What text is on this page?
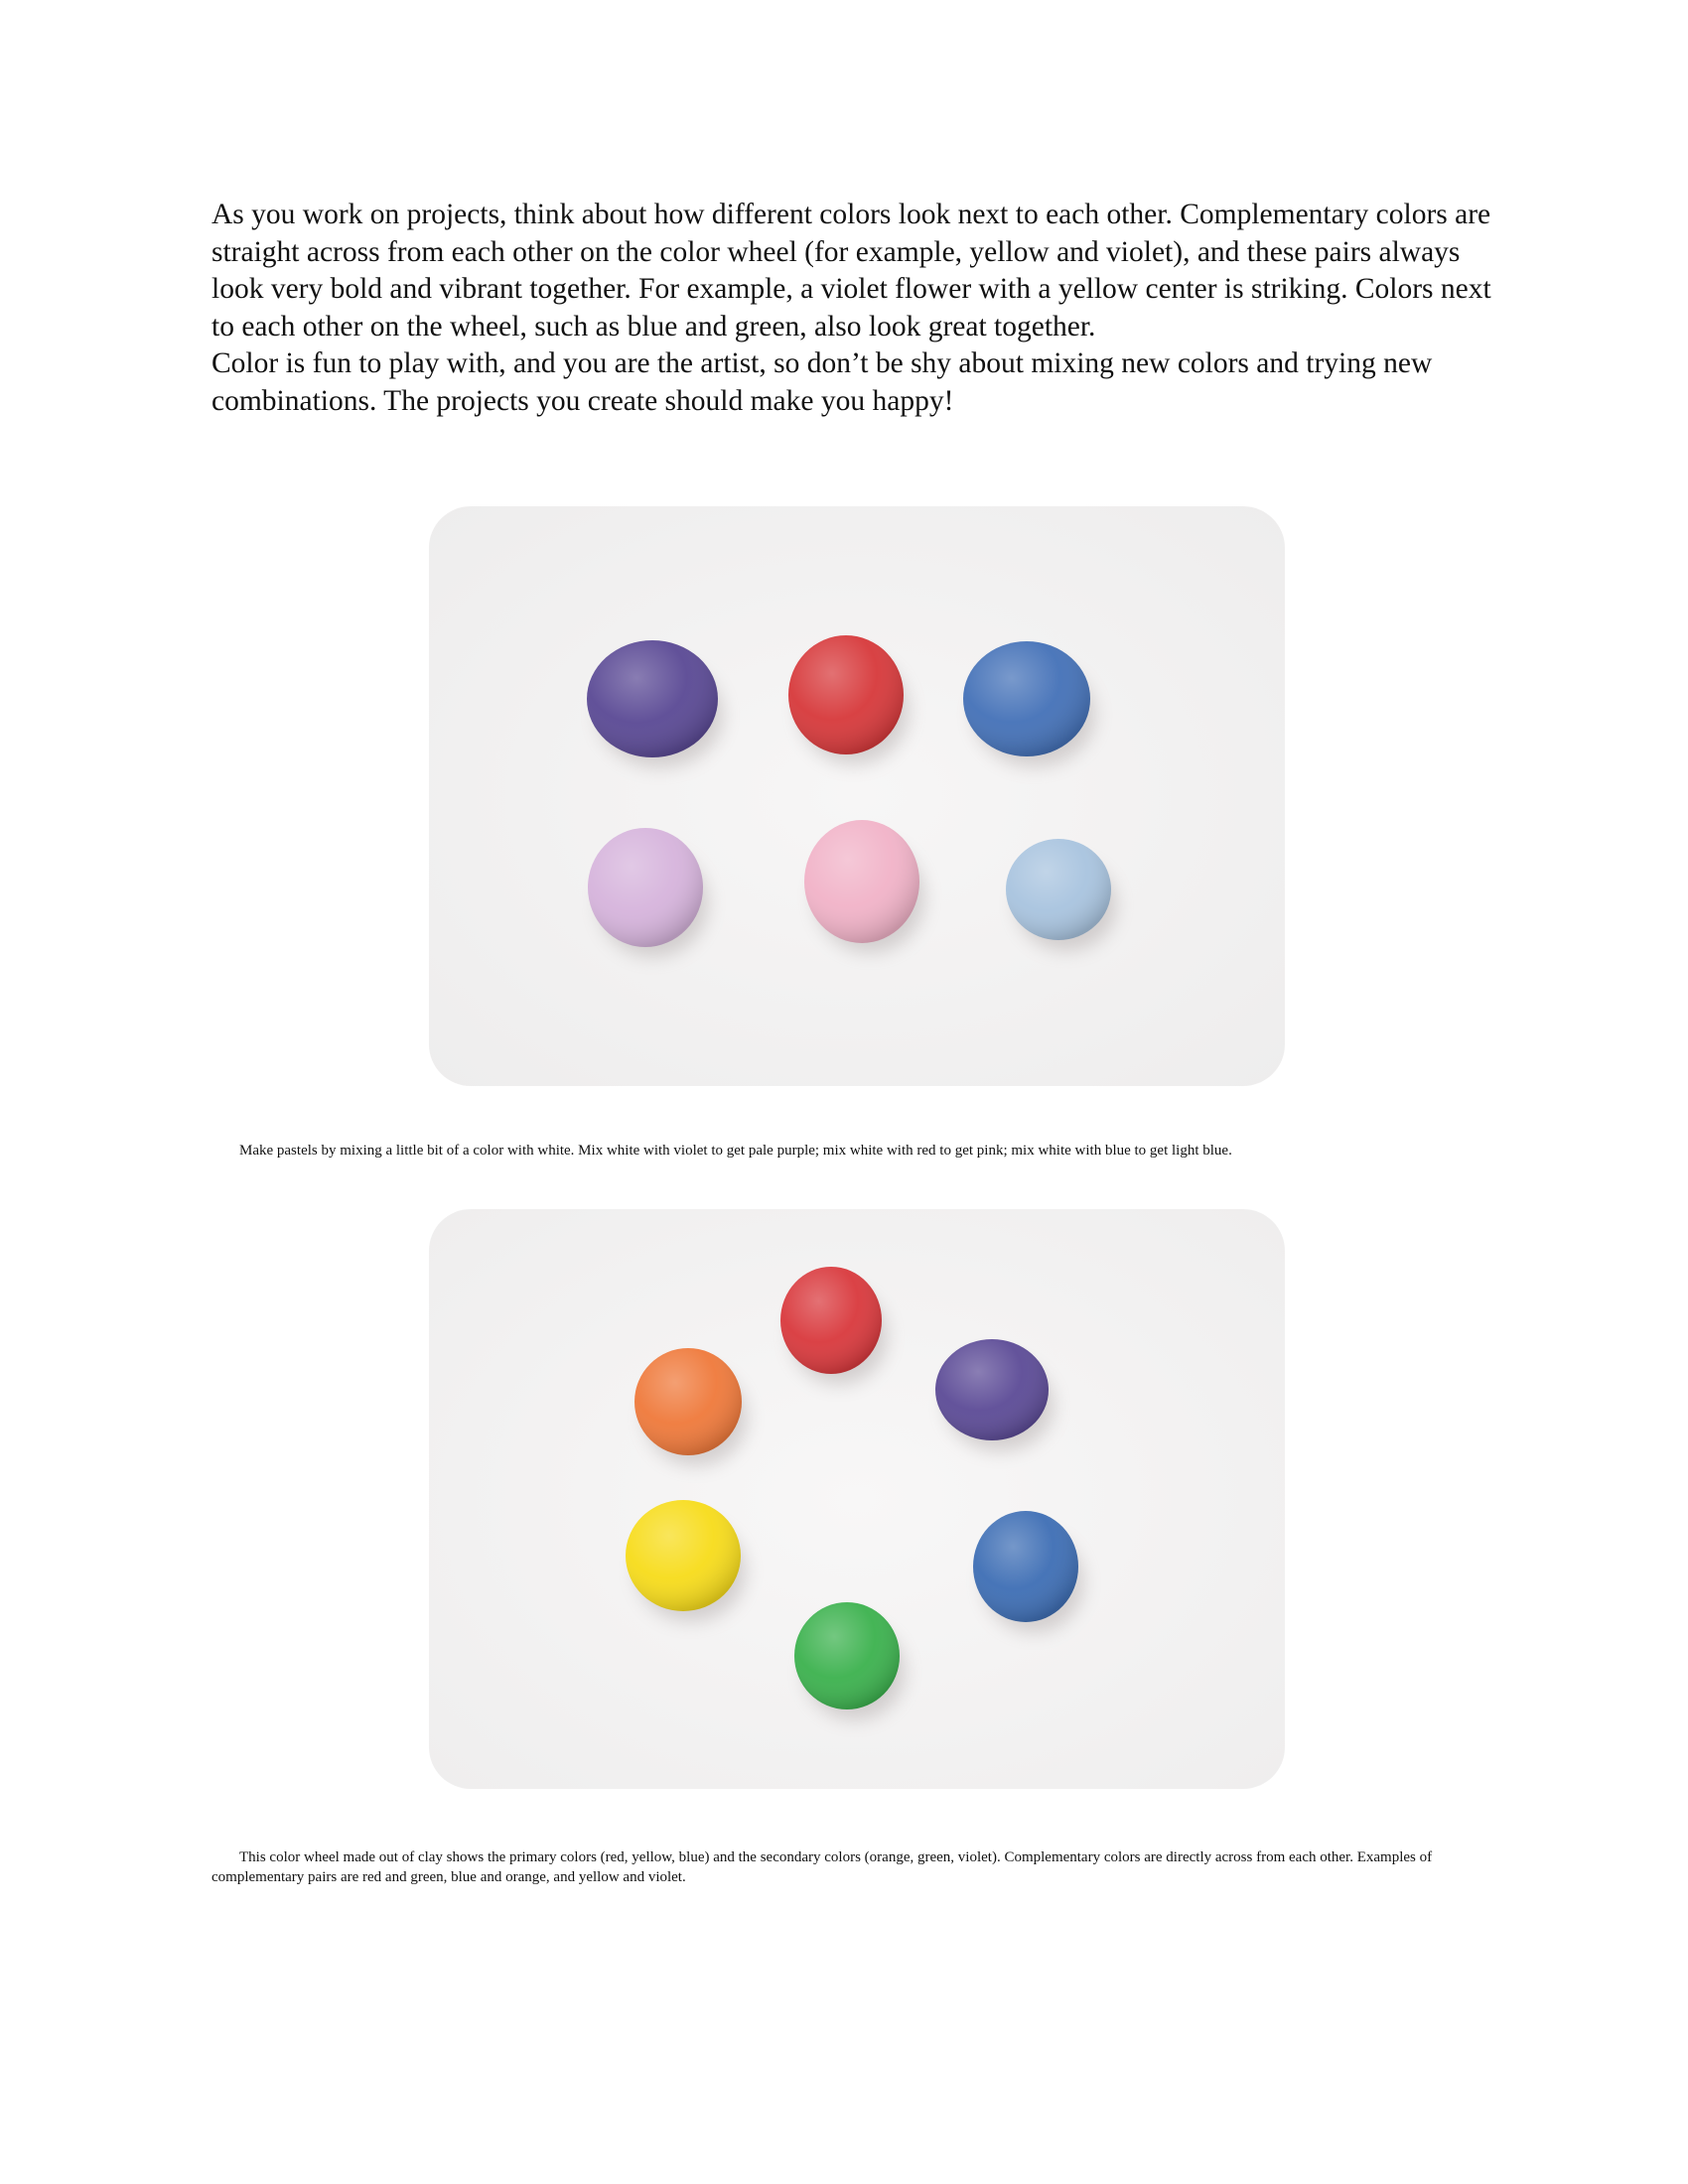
As you work on projects, think about how different colors look next to each other. Complementary colors are straight across from each other on the color wheel (for example, yellow and violet), and these pairs always look very bold and vibrant together. For example, a violet flower with a yellow center is striking. Colors next to each other on the wheel, such as blue and green, also look great together.

Color is fun to play with, and you are the artist, so don’t be shy about mixing new colors and trying new combinations. The projects you create should make you happy!

Make pastels by mixing a little bit of a color with white. Mix white with violet to get pale purple; mix white with red to get pink; mix white with blue to get light blue.

This color wheel made out of clay shows the primary colors (red, yellow, blue) and the secondary colors (orange, green, violet). Complementary colors are directly across from each other. Examples of complementary pairs are red and green, blue and orange, and yellow and violet.
